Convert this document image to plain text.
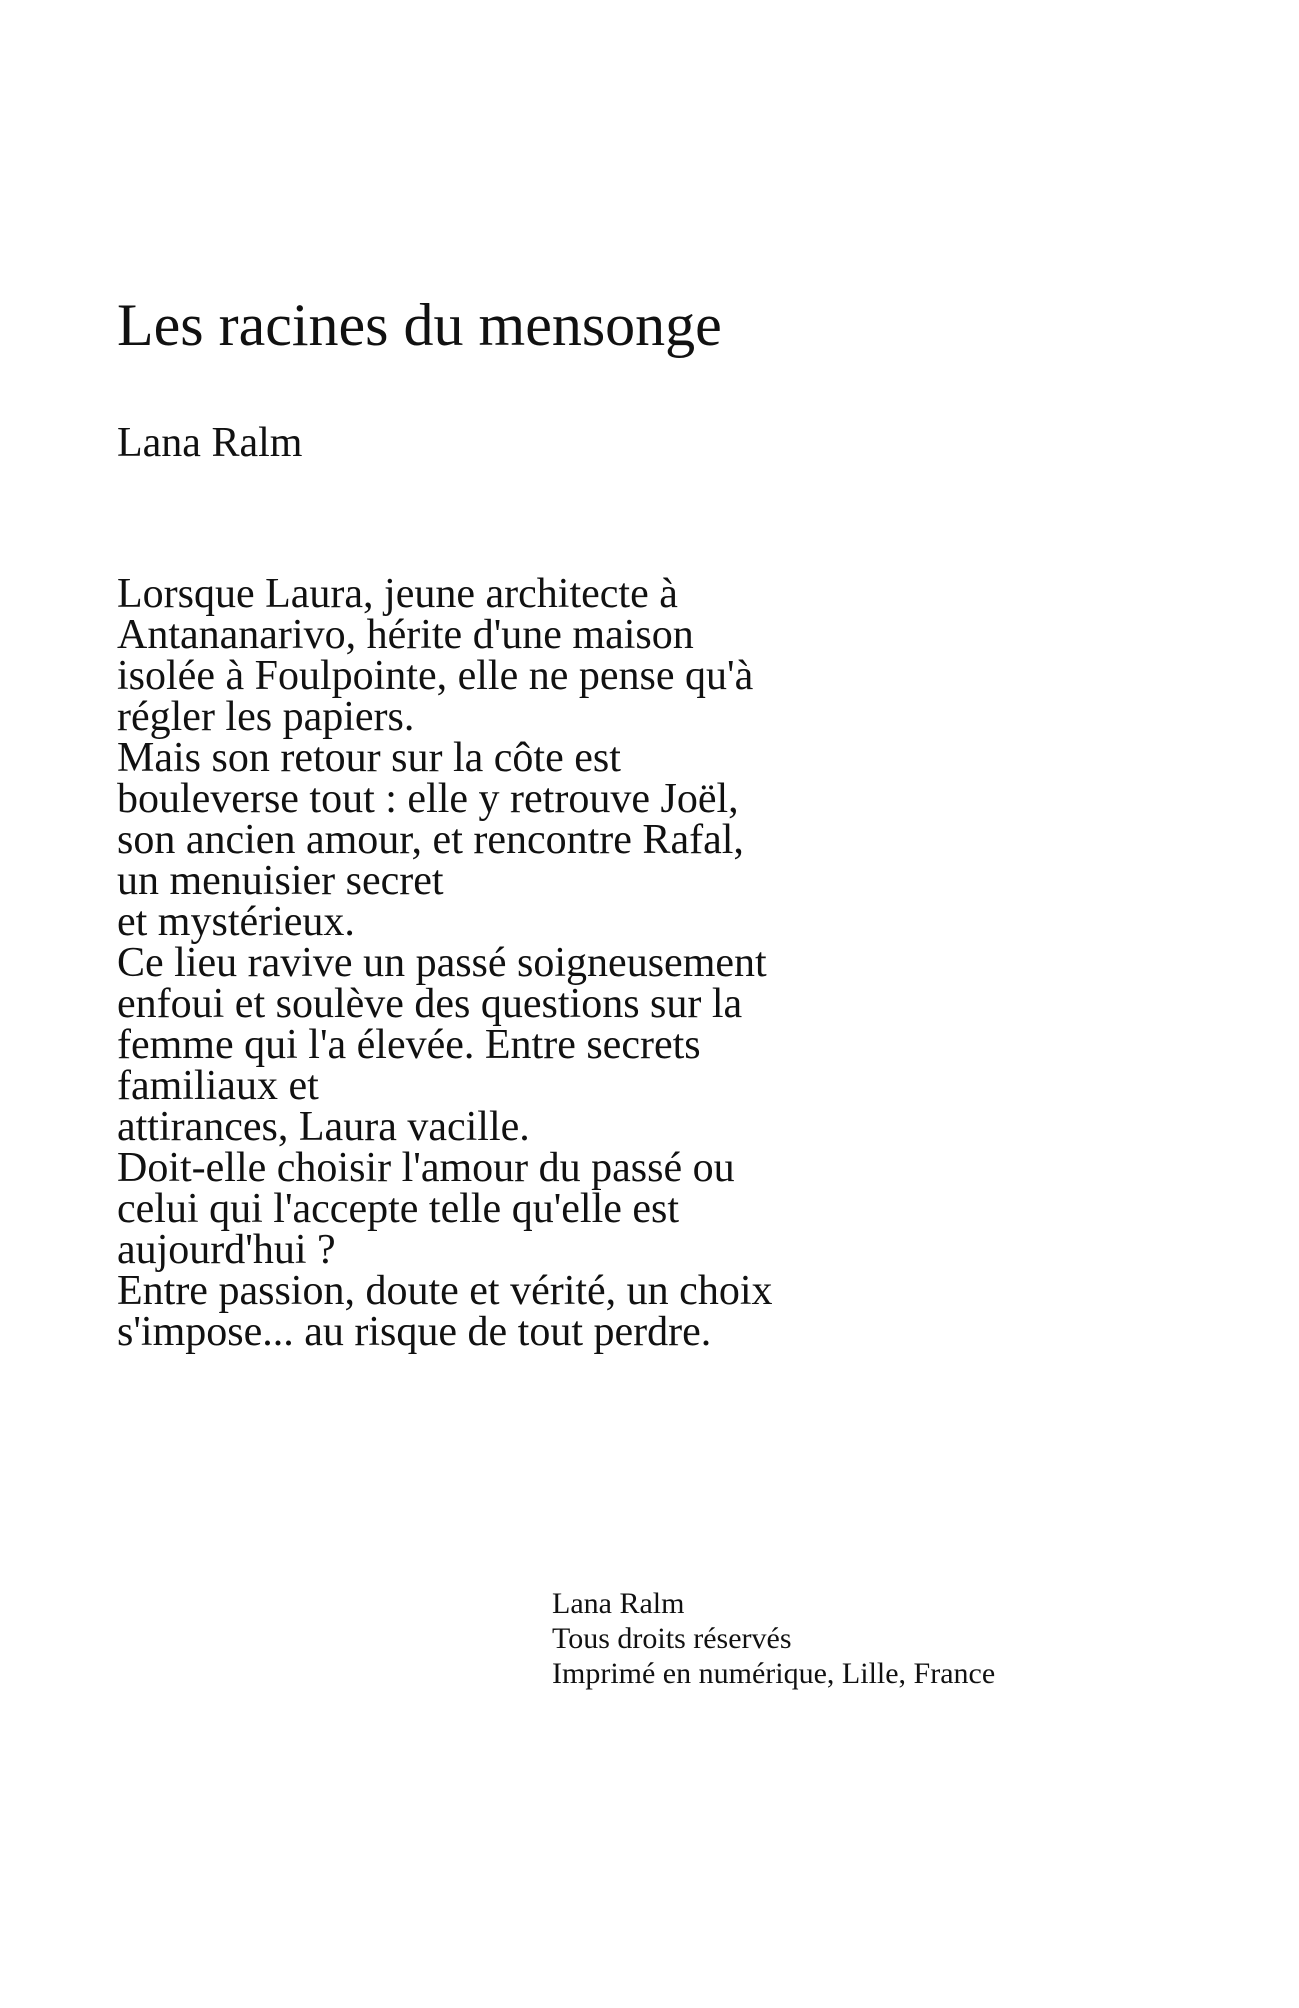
Les racines du mensonge

Lana Ralm

Lorsque Laura, jeune architecte à
Antananarivo, hérite d'une maison
isolée à Foulpointe, elle ne pense qu'à
régler les papiers.
Mais son retour sur la côte est
bouleverse tout : elle y retrouve Joël,
son ancien amour, et rencontre Rafal,
un menuisier secret
et mystérieux.
Ce lieu ravive un passé soigneusement
enfoui et soulève des questions sur la
femme qui l'a élevée. Entre secrets
familiaux et
attirances, Laura vacille.
Doit-elle choisir l'amour du passé ou
celui qui l'accepte telle qu'elle est
aujourd'hui ?
Entre passion, doute et vérité, un choix
s'impose... au risque de tout perdre.
Lana Ralm
Tous droits réservés
Imprimé en numérique, Lille, France
